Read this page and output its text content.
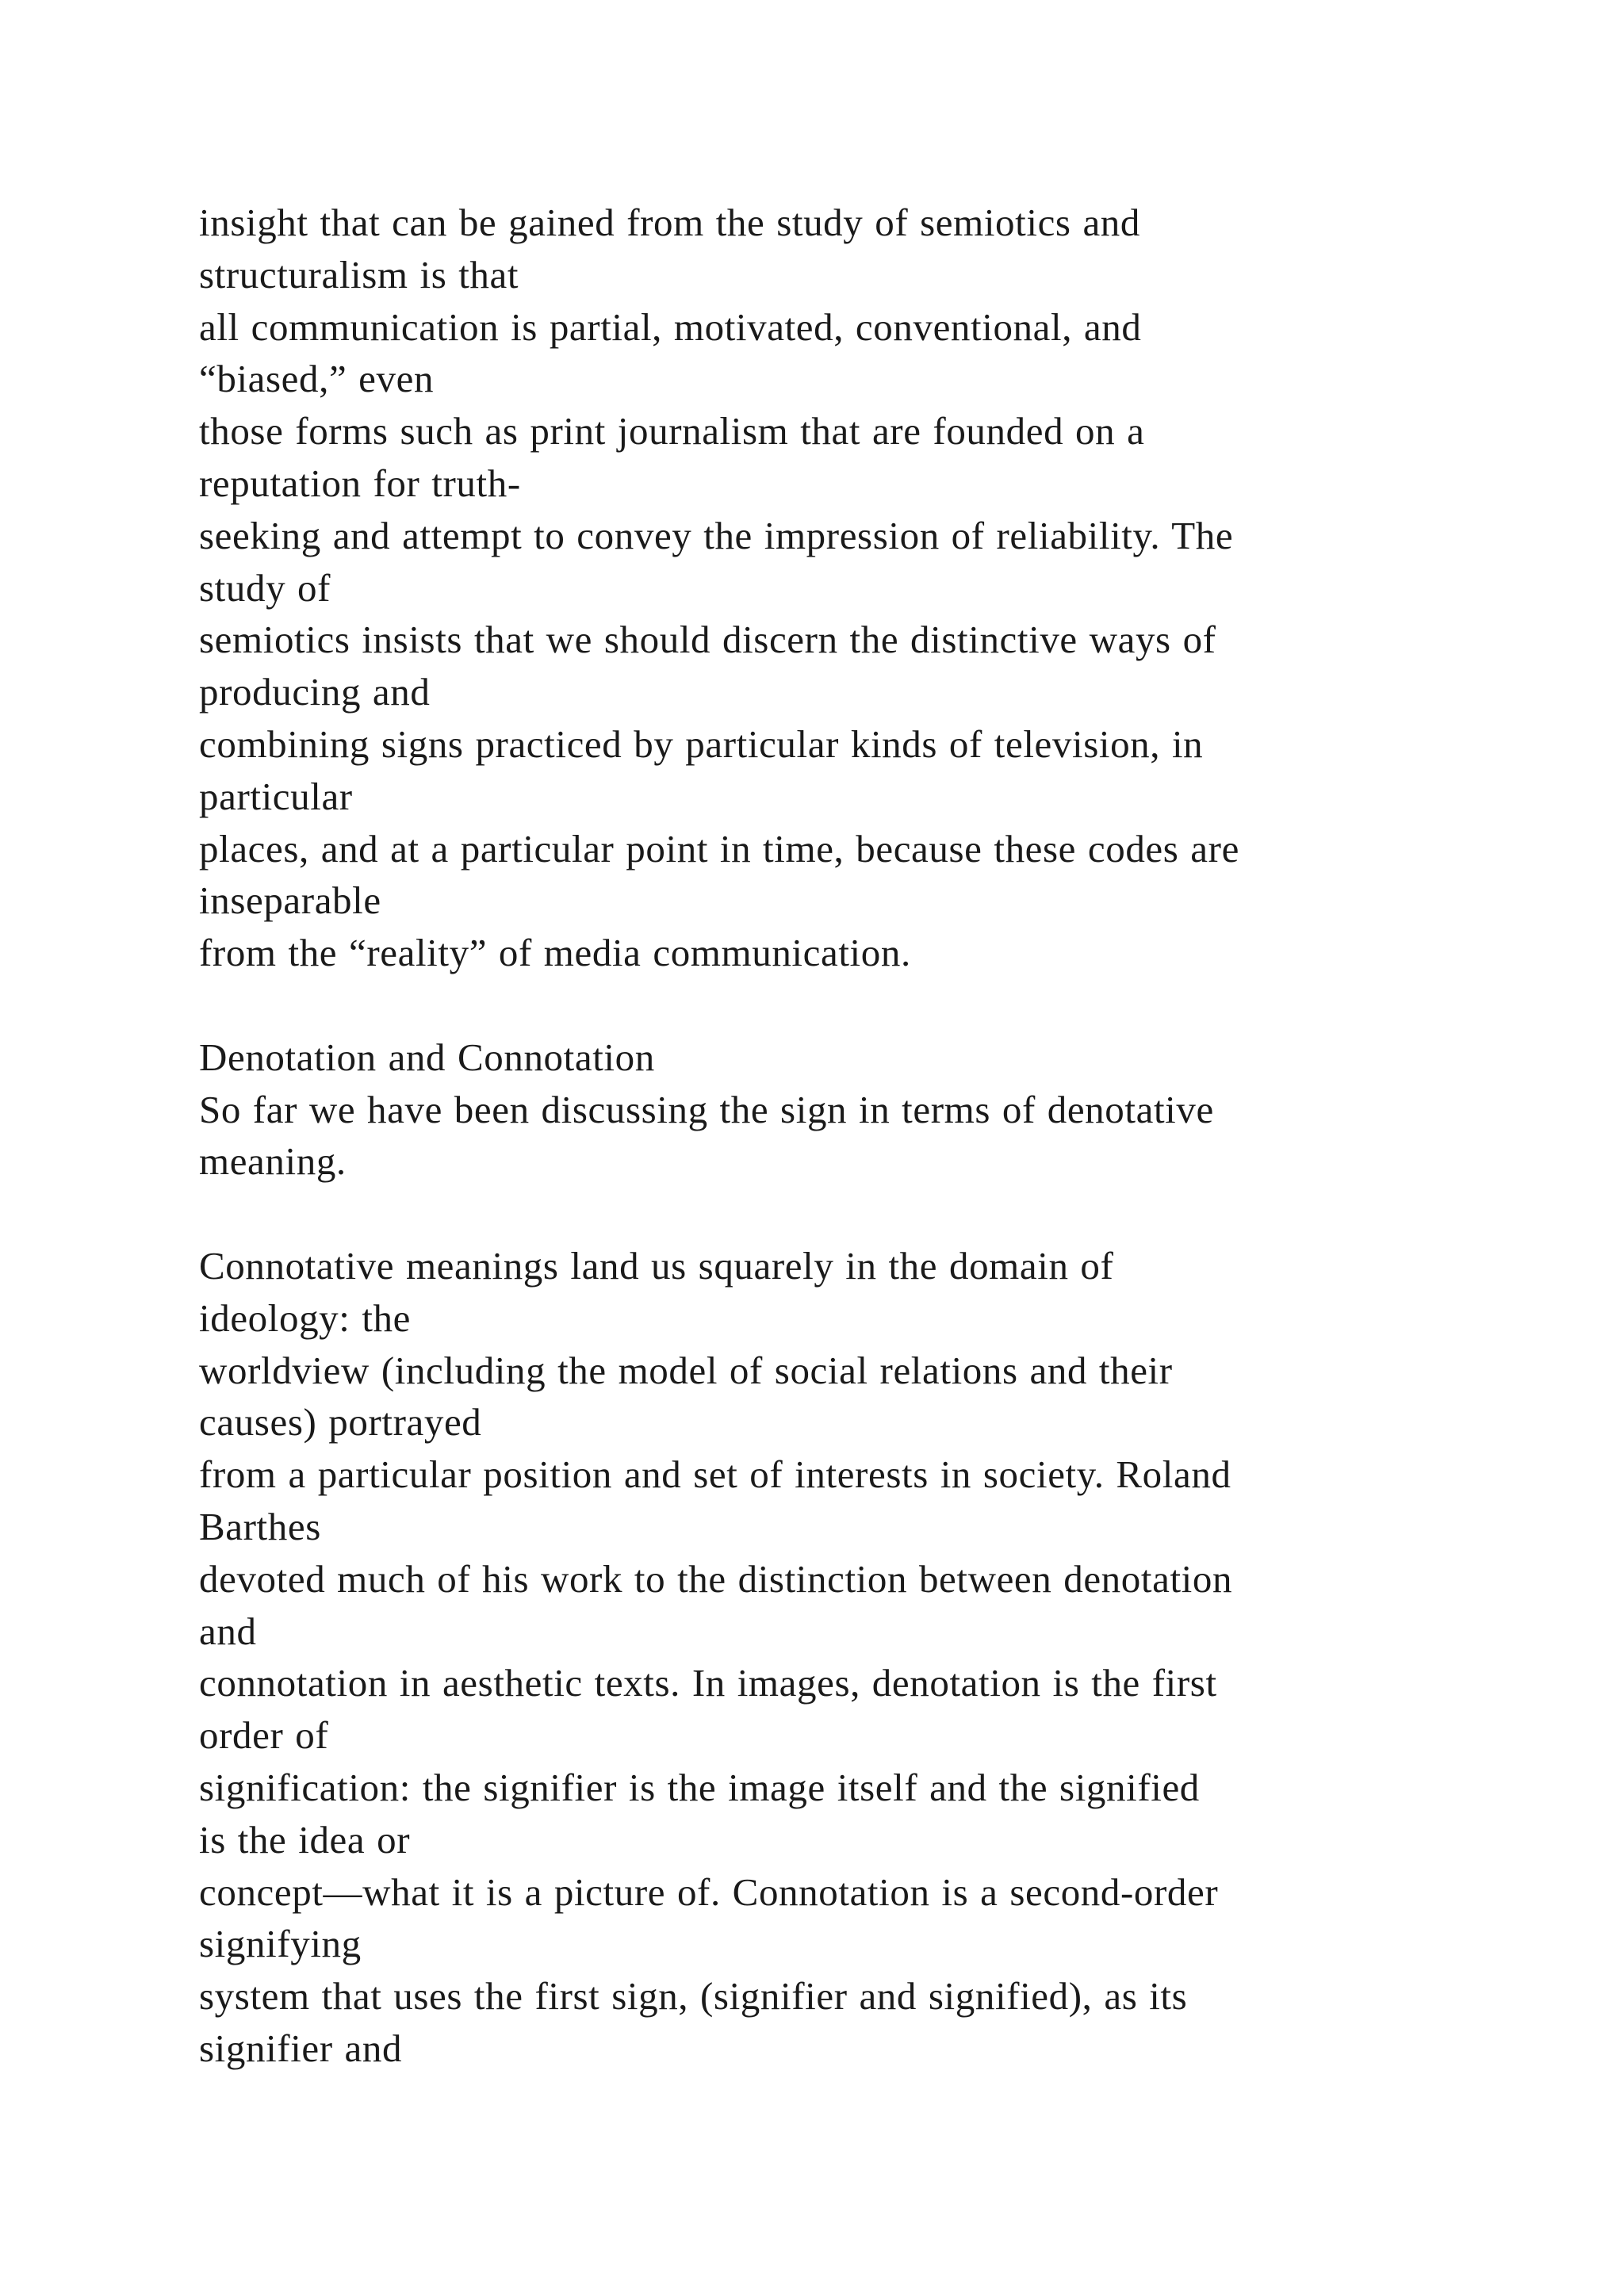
insight that can be gained from the study of semiotics and
structuralism is that
all communication is partial, motivated, conventional, and
“biased,” even
those forms such as print journalism that are founded on a
reputation for truth-
seeking and attempt to convey the impression of reliability. The
study of
semiotics insists that we should discern the distinctive ways of
producing and
combining signs practiced by particular kinds of television, in
particular
places, and at a particular point in time, because these codes are
inseparable
from the “reality” of media communication.
Denotation and Connotation
So far we have been discussing the sign in terms of denotative
meaning.
Connotative meanings land us squarely in the domain of
ideology: the
worldview (including the model of social relations and their
causes) portrayed
from a particular position and set of interests in society. Roland
Barthes
devoted much of his work to the distinction between denotation
and
connotation in aesthetic texts. In images, denotation is the first
order of
signification: the signifier is the image itself and the signified
is the idea or
concept—what it is a picture of. Connotation is a second-order
signifying
system that uses the first sign, (signifier and signified), as its
signifier and
